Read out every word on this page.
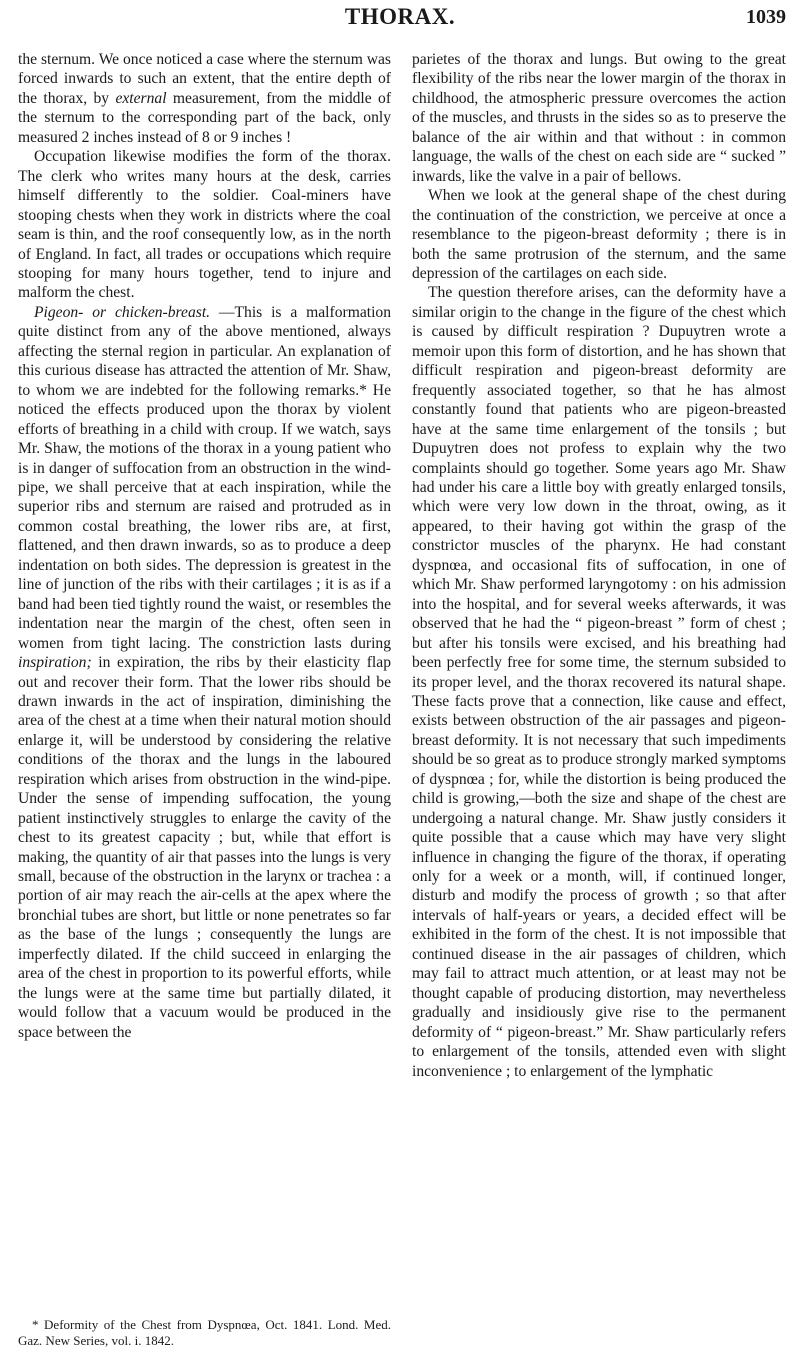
THORAX.	1039

the sternum. We once noticed a case where the sternum was forced inwards to such an extent, that the entire depth of the thorax, by external measurement, from the middle of the sternum to the corresponding part of the back, only measured 2 inches instead of 8 or 9 inches !

Occupation likewise modifies the form of the thorax. The clerk who writes many hours at the desk, carries himself differently to the soldier. Coal-miners have stooping chests when they work in districts where the coal seam is thin, and the roof consequently low, as in the north of England. In fact, all trades or occupations which require stooping for many hours together, tend to injure and malform the chest.

Pigeon- or chicken-breast. —This is a malformation quite distinct from any of the above mentioned, always affecting the sternal region in particular. An explanation of this curious disease has attracted the attention of Mr. Shaw, to whom we are indebted for the following remarks.* He noticed the effects produced upon the thorax by violent efforts of breathing in a child with croup. If we watch, says Mr. Shaw, the motions of the thorax in a young patient who is in danger of suffocation from an obstruction in the wind-pipe, we shall perceive that at each inspiration, while the superior ribs and sternum are raised and protruded as in common costal breathing, the lower ribs are, at first, flattened, and then drawn inwards, so as to produce a deep indentation on both sides. The depression is greatest in the line of junction of the ribs with their cartilages ; it is as if a band had been tied tightly round the waist, or resembles the indentation near the margin of the chest, often seen in women from tight lacing. The constriction lasts during inspiration; in expiration, the ribs by their elasticity flap out and recover their form. That the lower ribs should be drawn inwards in the act of inspiration, diminishing the area of the chest at a time when their natural motion should enlarge it, will be understood by considering the relative conditions of the thorax and the lungs in the laboured respiration which arises from obstruction in the wind-pipe. Under the sense of impending suffocation, the young patient instinctively struggles to enlarge the cavity of the chest to its greatest capacity ; but, while that effort is making, the quantity of air that passes into the lungs is very small, because of the obstruction in the larynx or trachea : a portion of air may reach the air-cells at the apex where the bronchial tubes are short, but little or none penetrates so far as the base of the lungs ; consequently the lungs are imperfectly dilated. If the child succeed in enlarging the area of the chest in proportion to its powerful efforts, while the lungs were at the same time but partially dilated, it would follow that a vacuum would be produced in the space between the

parietes of the thorax and lungs. But owing to the great flexibility of the ribs near the lower margin of the thorax in childhood, the atmospheric pressure overcomes the action of the muscles, and thrusts in the sides so as to preserve the balance of the air within and that without : in common language, the walls of the chest on each side are “ sucked ” inwards, like the valve in a pair of bellows.

When we look at the general shape of the chest during the continuation of the constriction, we perceive at once a resemblance to the pigeon-breast deformity ; there is in both the same protrusion of the sternum, and the same depression of the cartilages on each side.

The question therefore arises, can the deformity have a similar origin to the change in the figure of the chest which is caused by difficult respiration ? Dupuytren wrote a memoir upon this form of distortion, and he has shown that difficult respiration and pigeon-breast deformity are frequently associated together, so that he has almost constantly found that patients who are pigeon-breasted have at the same time enlargement of the tonsils ; but Dupuytren does not profess to explain why the two complaints should go together. Some years ago Mr. Shaw had under his care a little boy with greatly enlarged tonsils, which were very low down in the throat, owing, as it appeared, to their having got within the grasp of the constrictor muscles of the pharynx. He had constant dyspnœa, and occasional fits of suffocation, in one of which Mr. Shaw performed laryngotomy : on his admission into the hospital, and for several weeks afterwards, it was observed that he had the “ pigeon-breast ” form of chest ; but after his tonsils were excised, and his breathing had been perfectly free for some time, the sternum subsided to its proper level, and the thorax recovered its natural shape. These facts prove that a connection, like cause and effect, exists between obstruction of the air passages and pigeon-breast deformity. It is not necessary that such impediments should be so great as to produce strongly marked symptoms of dyspnœa ; for, while the distortion is being produced the child is growing,—both the size and shape of the chest are undergoing a natural change. Mr. Shaw justly considers it quite possible that a cause which may have very slight influence in changing the figure of the thorax, if operating only for a week or a month, will, if continued longer, disturb and modify the process of growth ; so that after intervals of half-years or years, a decided effect will be exhibited in the form of the chest. It is not impossible that continued disease in the air passages of children, which may fail to attract much attention, or at least may not be thought capable of producing distortion, may nevertheless gradually and insidiously give rise to the permanent deformity of “ pigeon-breast.” Mr. Shaw particularly refers to enlargement of the tonsils, attended even with slight inconvenience ; to enlargement of the lymphatic

* Deformity of the Chest from Dyspnœa, Oct. 1841. Lond. Med. Gaz. New Series, vol. i. 1842.
